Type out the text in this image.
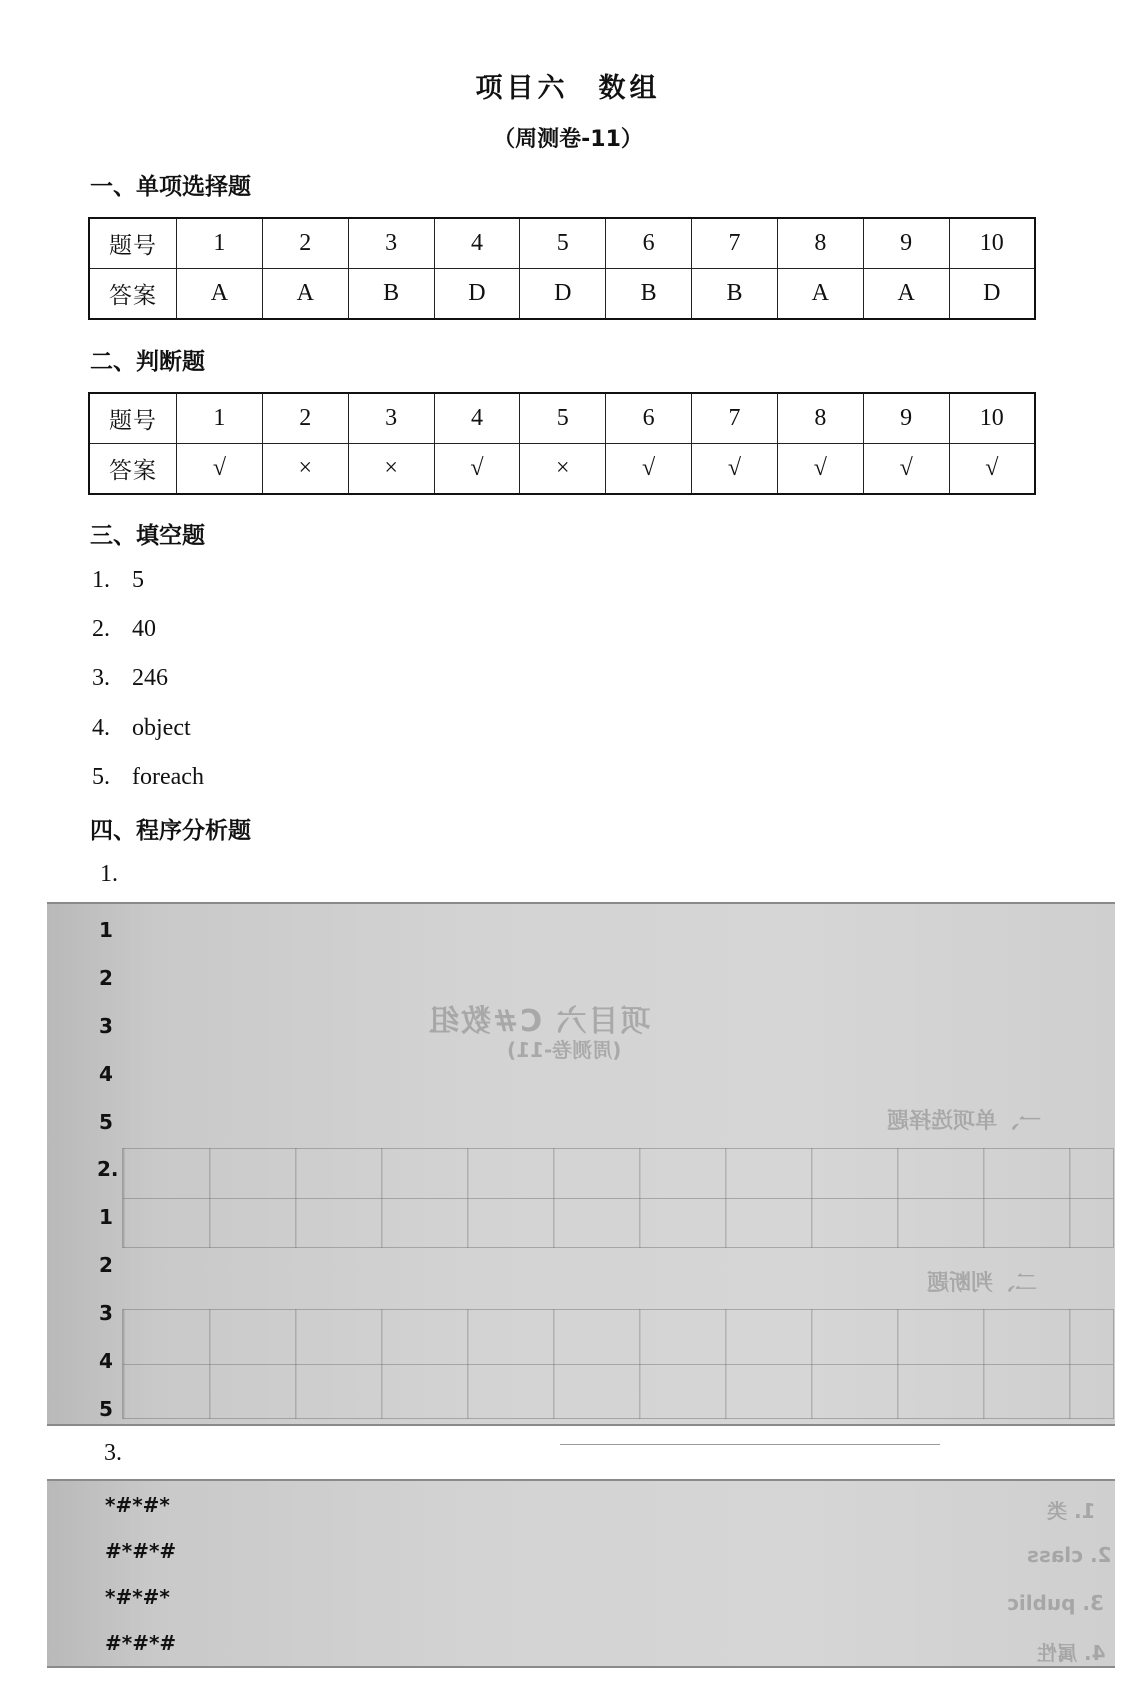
项目六 数组
（周测卷-11）
一、单项选择题
题号	1	2	3	4	5	6	7	8	9	10
答案	A	A	B	D	D	B	B	A	A	D
二、判断题
题号	1	2	3	4	5	6	7	8	9	10
答案	√	×	×	√	×	√	√	√	√	√
三、填空题
1. 5
2. 40
3. 246
4. object
5. foreach
四、程序分析题
1.
项目六 C#数组
(周测卷-11)
一、单项选择题
二、判断题
1
2
3
4
5
2.
1
2
3
4
5
3.
1. 类
2. class
3. public
4. 属性
*#*#*
#*#*#
*#*#*
#*#*#
